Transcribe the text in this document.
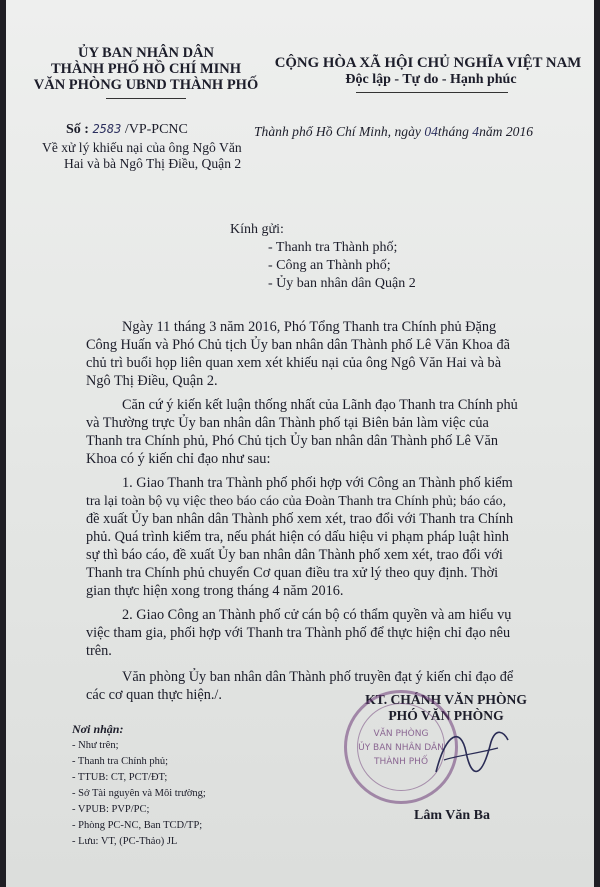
ỦY BAN NHÂN DÂN
THÀNH PHỐ HỒ CHÍ MINH
VĂN PHÒNG UBND THÀNH PHỐ
CỘNG HÒA XÃ HỘI CHỦ NGHĨA VIỆT NAM
Độc lập - Tự do - Hạnh phúc
Số : 2583 /VP-PCNC	Thành phố Hồ Chí Minh, ngày 04tháng 4năm 2016
Về xử lý khiếu nại của ông Ngô Văn
Hai và bà Ngô Thị Điều, Quận 2
Kính gửi:
- Thanh tra Thành phố;
- Công an Thành phố;
- Ủy ban nhân dân Quận 2
Ngày 11 tháng 3 năm 2016, Phó Tổng Thanh tra Chính phủ Đặng
Công Huấn và Phó Chủ tịch Ủy ban nhân dân Thành phố Lê Văn Khoa đã
chủ trì buổi họp liên quan xem xét khiếu nại của ông Ngô Văn Hai và bà
Ngô Thị Điều, Quận 2.
Căn cứ ý kiến kết luận thống nhất của Lãnh đạo Thanh tra Chính phủ
và Thường trực Ủy ban nhân dân Thành phố tại Biên bản làm việc của
Thanh tra Chính phủ, Phó Chủ tịch Ủy ban nhân dân Thành phố Lê Văn
Khoa có ý kiến chỉ đạo như sau:
1. Giao Thanh tra Thành phố phối hợp với Công an Thành phố kiểm
tra lại toàn bộ vụ việc theo báo cáo của Đoàn Thanh tra Chính phủ; báo cáo,
đề xuất Ủy ban nhân dân Thành phố xem xét, trao đổi với Thanh tra Chính
phủ. Quá trình kiểm tra, nếu phát hiện có dấu hiệu vi phạm pháp luật hình
sự thì báo cáo, đề xuất Ủy ban nhân dân Thành phố xem xét, trao đổi với
Thanh tra Chính phủ chuyển Cơ quan điều tra xử lý theo quy định. Thời
gian thực hiện xong trong tháng 4 năm 2016.
2. Giao Công an Thành phố cử cán bộ có thẩm quyền và am hiểu vụ
việc tham gia, phối hợp với Thanh tra Thành phố để thực hiện chỉ đạo nêu
trên.
Văn phòng Ủy ban nhân dân Thành phố truyền đạt ý kiến chỉ đạo để
các cơ quan thực hiện./.
Nơi nhận:
- Như trên;
- Thanh tra Chính phủ;
- TTUB: CT, PCT/ĐT;
- Sở Tài nguyên và Môi trường;
- VPUB: PVP/PC;
- Phòng PC-NC, Ban TCD/TP;
- Lưu: VT, (PC-Thảo) JL
KT. CHÁNH VĂN PHÒNG
PHÓ VĂN PHÒNG
VĂN PHÒNG
ỦY BAN NHÂN DÂN
THÀNH PHỐ
Lâm Văn Ba
